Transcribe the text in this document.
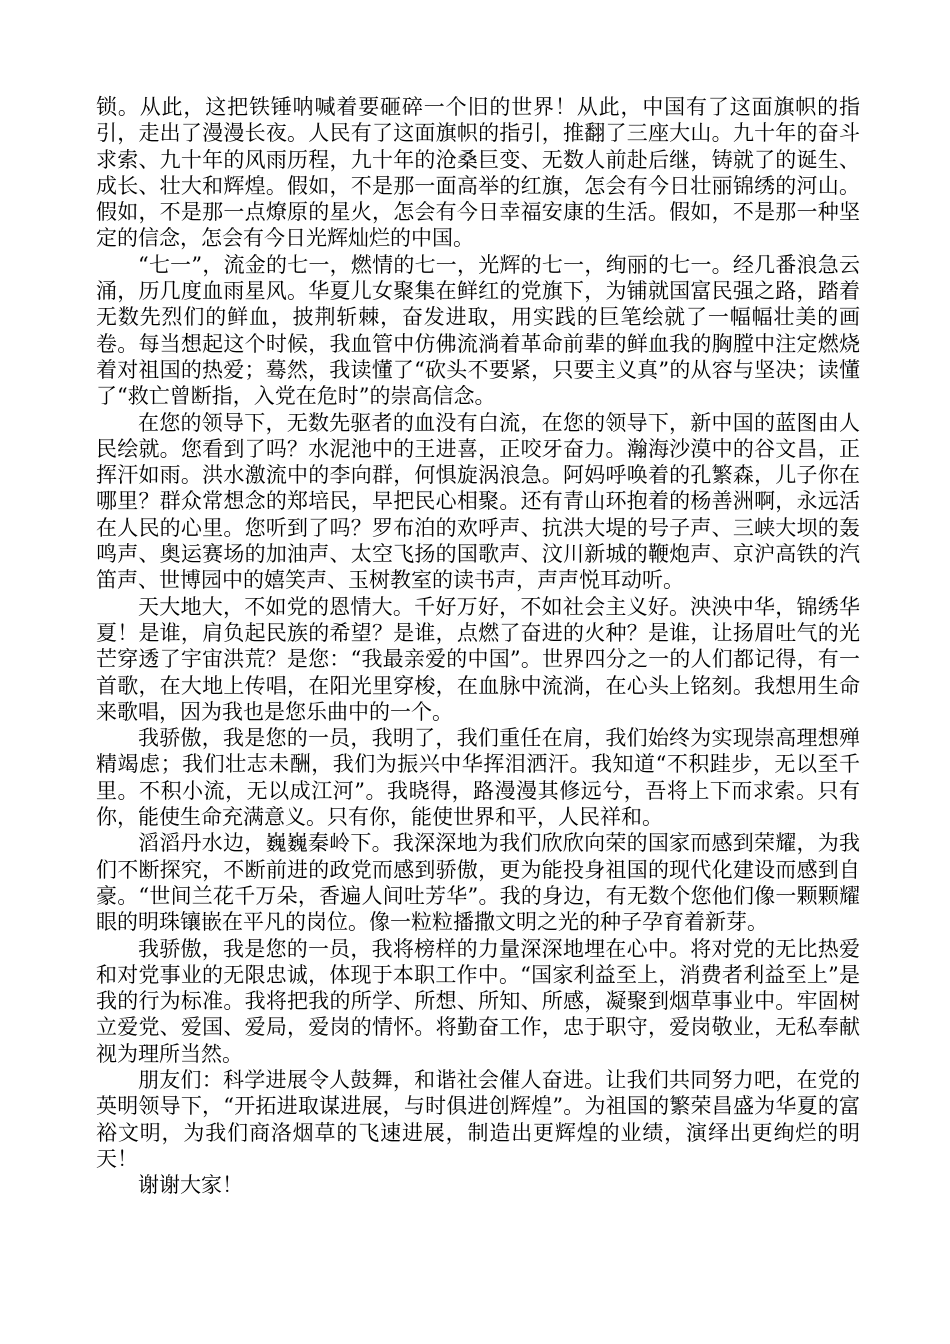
锁。从此，这把铁锤呐喊着要砸碎一个旧的世界！从此，中国有了这面旗帜的指引，走出了漫漫长夜。人民有了这面旗帜的指引，推翻了三座大山。九十年的奋斗求索、九十年的风雨历程，九十年的沧桑巨变、无数人前赴后继，铸就了的诞生、成长、壮大和辉煌。假如，不是那一面高举的红旗，怎会有今日壮丽锦绣的河山。假如，不是那一点燎原的星火，怎会有今日幸福安康的生活。假如，不是那一种坚定的信念，怎会有今日光辉灿烂的中国。

“七一”，流金的七一，燃情的七一，光辉的七一，绚丽的七一。经几番浪急云涌，历几度血雨星风。华夏儿女聚集在鲜红的党旗下，为铺就国富民强之路，踏着无数先烈们的鲜血，披荆斩棘，奋发进取，用实践的巨笔绘就了一幅幅壮美的画卷。每当想起这个时候，我血管中仿佛流淌着革命前辈的鲜血我的胸膛中注定燃烧着对祖国的热爱；蓦然，我读懂了“砍头不要紧，只要主义真”的从容与坚决；读懂了“救亡曾断指，入党在危时”的崇高信念。

在您的领导下，无数先驱者的血没有白流，在您的领导下，新中国的蓝图由人民绘就。您看到了吗？水泥池中的王进喜，正咬牙奋力。瀚海沙漠中的谷文昌，正挥汗如雨。洪水激流中的李向群，何惧旋涡浪急。阿妈呼唤着的孔繁森，儿子你在哪里？群众常想念的郑培民，早把民心相聚。还有青山环抱着的杨善洲啊，永远活在人民的心里。您听到了吗？罗布泊的欢呼声、抗洪大堤的号子声、三峡大坝的轰鸣声、奥运赛场的加油声、太空飞扬的国歌声、汶川新城的鞭炮声、京沪高铁的汽笛声、世博园中的嬉笑声、玉树教室的读书声，声声悦耳动听。

天大地大，不如党的恩情大。千好万好，不如社会主义好。泱泱中华，锦绣华夏！是谁，肩负起民族的希望？是谁，点燃了奋进的火种？是谁，让扬眉吐气的光芒穿透了宇宙洪荒？是您：“我最亲爱的中国”。世界四分之一的人们都记得，有一首歌，在大地上传唱，在阳光里穿梭，在血脉中流淌，在心头上铭刻。我想用生命来歌唱，因为我也是您乐曲中的一个。

我骄傲，我是您的一员，我明了，我们重任在肩，我们始终为实现崇高理想殚精竭虑；我们壮志未酬，我们为振兴中华挥泪洒汗。我知道“不积跬步，无以至千里。不积小流，无以成江河”。我晓得，路漫漫其修远兮，吾将上下而求索。只有你，能使生命充满意义。只有你，能使世界和平，人民祥和。

滔滔丹水边，巍巍秦岭下。我深深地为我们欣欣向荣的国家而感到荣耀，为我们不断探究，不断前进的政党而感到骄傲，更为能投身祖国的现代化建设而感到自豪。“世间兰花千万朵，香遍人间吐芳华”。我的身边，有无数个您他们像一颗颗耀眼的明珠镶嵌在平凡的岗位。像一粒粒播撒文明之光的种子孕育着新芽。

我骄傲，我是您的一员，我将榜样的力量深深地埋在心中。将对党的无比热爱和对党事业的无限忠诚，体现于本职工作中。“国家利益至上，消费者利益至上”是我的行为标准。我将把我的所学、所想、所知、所感，凝聚到烟草事业中。牢固树立爱党、爱国、爱局，爱岗的情怀。将勤奋工作，忠于职守，爱岗敬业，无私奉献视为理所当然。

朋友们：科学进展令人鼓舞，和谐社会催人奋进。让我们共同努力吧，在党的英明领导下，“开拓进取谋进展，与时俱进创辉煌”。为祖国的繁荣昌盛为华夏的富裕文明，为我们商洛烟草的飞速进展，制造出更辉煌的业绩，演绎出更绚烂的明天！

谢谢大家！
